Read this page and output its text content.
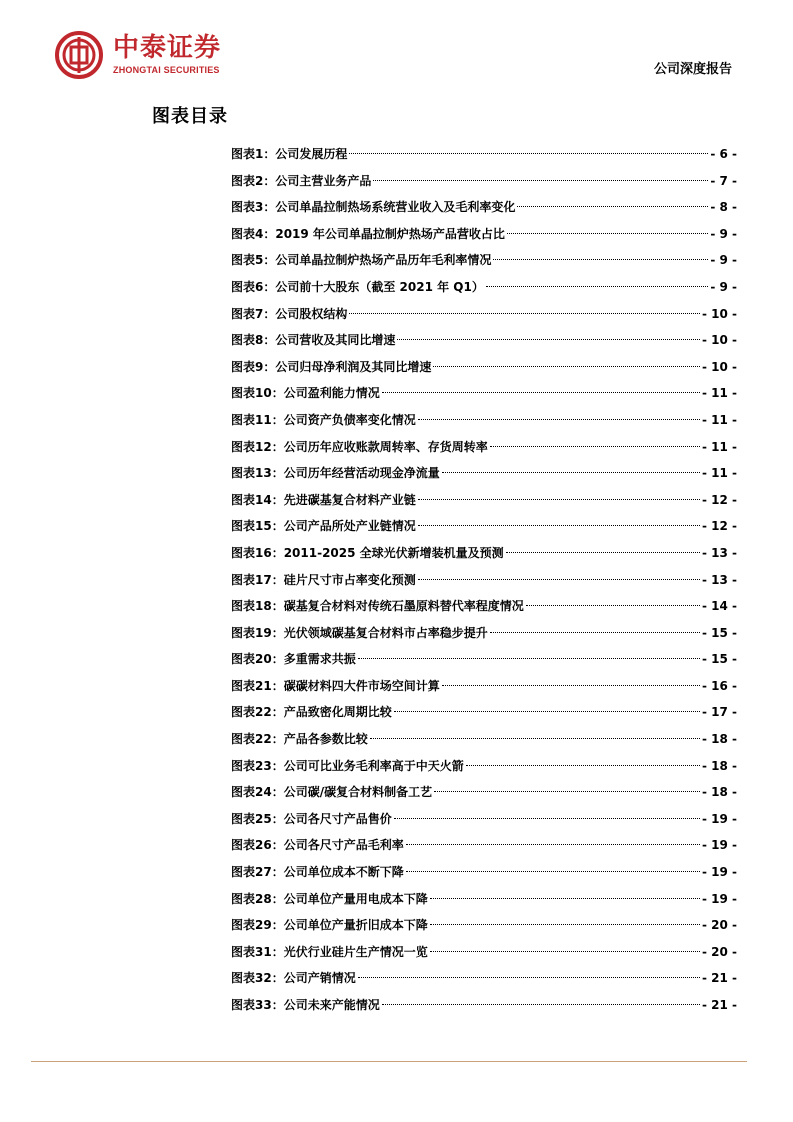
中泰证券
ZHONGTAI SECURITIES	公司深度报告
图表目录
图表1：公司发展历程	- 6 -
图表2：公司主营业务产品	- 7 -
图表3：公司单晶拉制热场系统营业收入及毛利率变化	- 8 -
图表4：2019 年公司单晶拉制炉热场产品营收占比	- 9 -
图表5：公司单晶拉制炉热场产品历年毛利率情况	- 9 -
图表6：公司前十大股东（截至 2021 年 Q1）	- 9 -
图表7：公司股权结构	- 10 -
图表8：公司营收及其同比增速	- 10 -
图表9：公司归母净利润及其同比增速	- 10 -
图表10：公司盈利能力情况	- 11 -
图表11：公司资产负债率变化情况	- 11 -
图表12：公司历年应收账款周转率、存货周转率	- 11 -
图表13：公司历年经营活动现金净流量	- 11 -
图表14：先进碳基复合材料产业链	- 12 -
图表15：公司产品所处产业链情况	- 12 -
图表16：2011-2025 全球光伏新增装机量及预测	- 13 -
图表17：硅片尺寸市占率变化预测	- 13 -
图表18：碳基复合材料对传统石墨原料替代率程度情况	- 14 -
图表19：光伏领域碳基复合材料市占率稳步提升	- 15 -
图表20：多重需求共振	- 15 -
图表21：碳碳材料四大件市场空间计算	- 16 -
图表22：产品致密化周期比较	- 17 -
图表22：产品各参数比较	- 18 -
图表23：公司可比业务毛利率高于中天火箭	- 18 -
图表24：公司碳/碳复合材料制备工艺	- 18 -
图表25：公司各尺寸产品售价	- 19 -
图表26：公司各尺寸产品毛利率	- 19 -
图表27：公司单位成本不断下降	- 19 -
图表28：公司单位产量用电成本下降	- 19 -
图表29：公司单位产量折旧成本下降	- 20 -
图表31：光伏行业硅片生产情况一览	- 20 -
图表32：公司产销情况	- 21 -
图表33：公司未来产能情况	- 21 -
